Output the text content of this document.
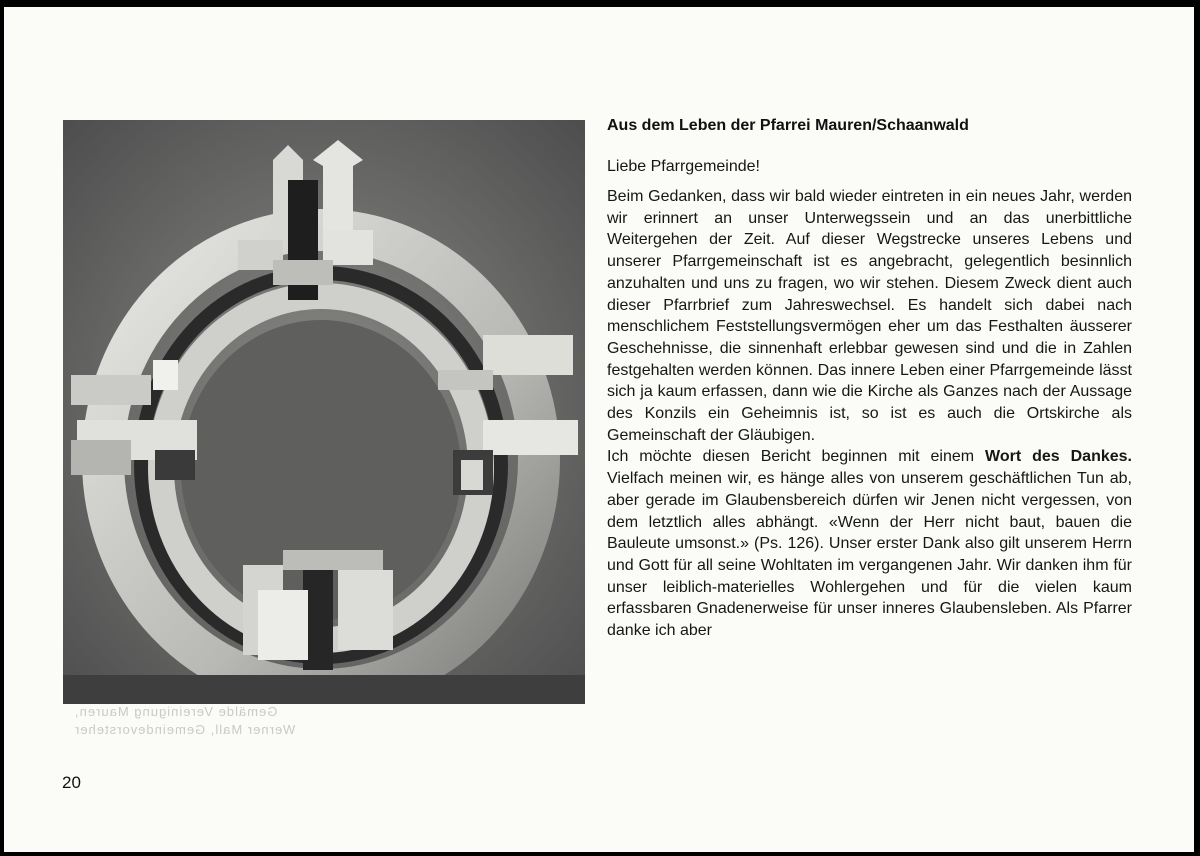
Gemälde Vereinigung Mauren,
Werner Mall, Gemeindevorsteher

Aus dem Leben der Pfarrei Mauren/Schaanwald

Liebe Pfarrgemeinde!

Beim Gedanken, dass wir bald wieder eintreten in ein neues Jahr, werden wir erinnert an unser Unterwegssein und an das unerbittliche Weitergehen der Zeit. Auf dieser Wegstrecke unseres Lebens und unserer Pfarrgemeinschaft ist es angebracht, gelegentlich besinnlich anzuhalten und uns zu fragen, wo wir stehen. Diesem Zweck dient auch dieser Pfarrbrief zum Jahreswechsel. Es handelt sich dabei nach menschlichem Feststellungsvermögen eher um das Festhalten äusserer Geschehnisse, die sinnenhaft erlebbar gewesen sind und die in Zahlen festgehalten werden können. Das innere Leben einer Pfarrgemeinde lässt sich ja kaum erfassen, dann wie die Kirche als Ganzes nach der Aussage des Konzils ein Geheimnis ist, so ist es auch die Ortskirche als Gemeinschaft der Gläubigen.

Ich möchte diesen Bericht beginnen mit einem Wort des Dankes. Vielfach meinen wir, es hänge alles von unserem geschäftlichen Tun ab, aber gerade im Glaubensbereich dürfen wir Jenen nicht vergessen, von dem letztlich alles abhängt. «Wenn der Herr nicht baut, bauen die Bauleute umsonst.» (Ps. 126). Unser erster Dank also gilt unserem Herrn und Gott für all seine Wohltaten im vergangenen Jahr. Wir danken ihm für unser leiblich-materielles Wohlergehen und für die vielen kaum erfassbaren Gnadenerweise für unser inneres Glaubensleben. Als Pfarrer danke ich aber

20
